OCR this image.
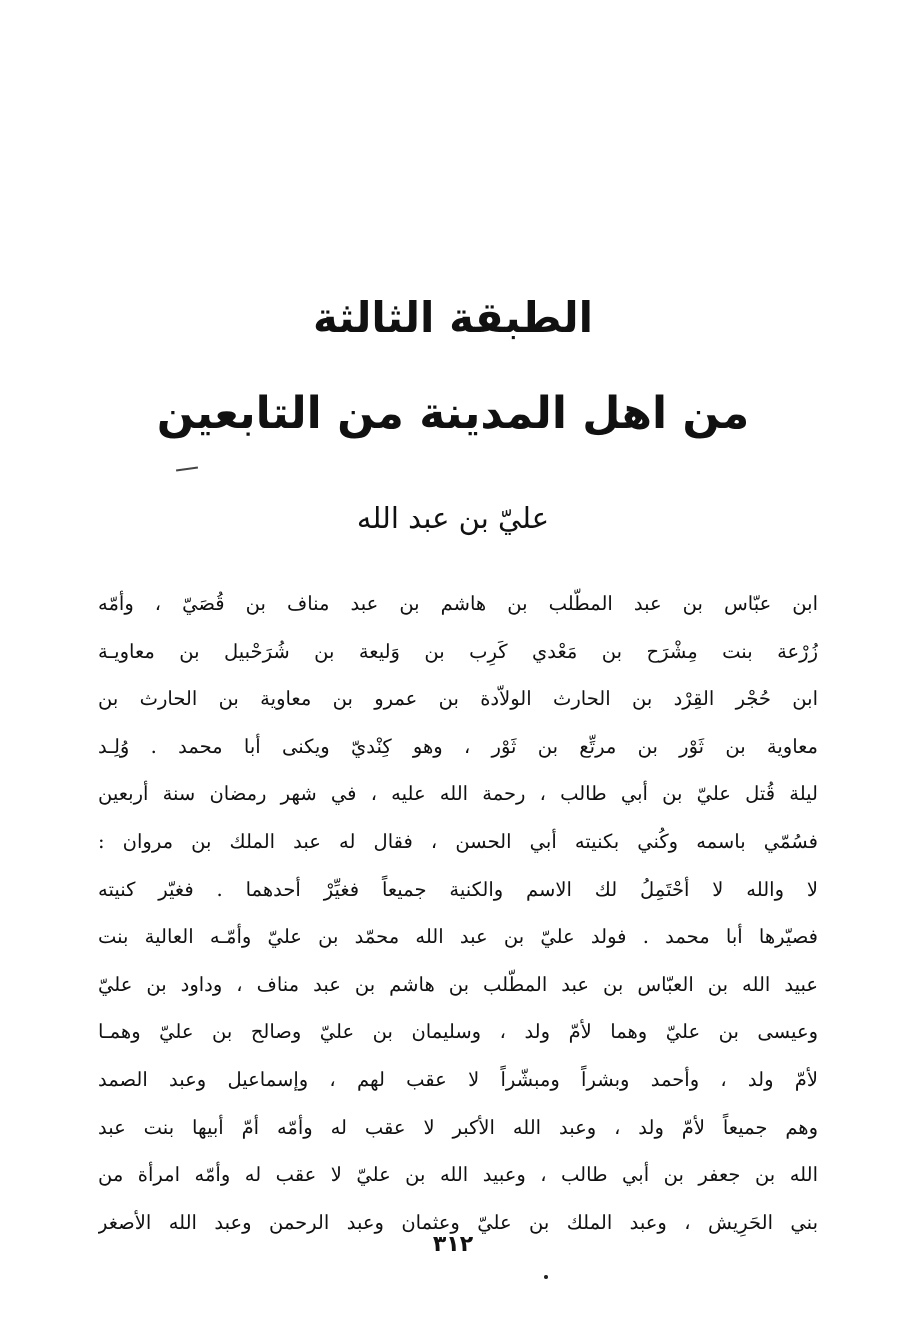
الطبقة الثالثة
من اهل المدينة من التابعين
عليّ بن عبد الله
ابن عبّاس بن عبد المطّلب بن هاشم بن عبد مناف بن قُصَيّ ، وأمّه
زُرْعة بنت مِشْرَح بن مَعْدي كَرِب بن وَليعة بن شُرَحْبيل بن معاويـة
ابن حُجْر القِرْد بن الحارث الولاّدة بن عمرو بن معاوية بن الحارث بن
معاوية بن ثَوْر بن مرتِّع بن ثَوْر ، وهو كِنْديّ ويكنى أبا محمد . وُلِـد
ليلة قُتل عليّ بن أبي طالب ، رحمة الله عليه ، في شهر رمضان سنة أربعين
فسُمّي باسمه وكُني بكنيته أبي الحسن ، فقال له عبد الملك بن مروان :
لا والله لا أحْتَمِلُ لك الاسم والكنية جميعاً فغيِّرْ أحدهما . فغيّر كنيته
فصيّرها أبا محمد . فولد عليّ بن عبد الله محمّد بن عليّ وأمّـه العالية بنت
عبيد الله بن العبّاس بن عبد المطّلب بن هاشم بن عبد مناف ، وداود بن عليّ
وعيسى بن عليّ وهما لأمّ ولد ، وسليمان بن عليّ وصالح بن عليّ وهمـا
لأمّ ولد ، وأحمد وبشراً ومبشّراً لا عقب لهم ، وإسماعيل وعبد الصمد
وهم جميعاً لأمّ ولد ، وعبد الله الأكبر لا عقب له وأمّه أمّ أبيها بنت عبد
الله بن جعفر بن أبي طالب ، وعبيد الله بن عليّ لا عقب له وأمّه امرأة من
بني الحَرِيش ، وعبد الملك بن عليّ وعثمان وعبد الرحمن وعبد الله الأصغر
٣١٢
